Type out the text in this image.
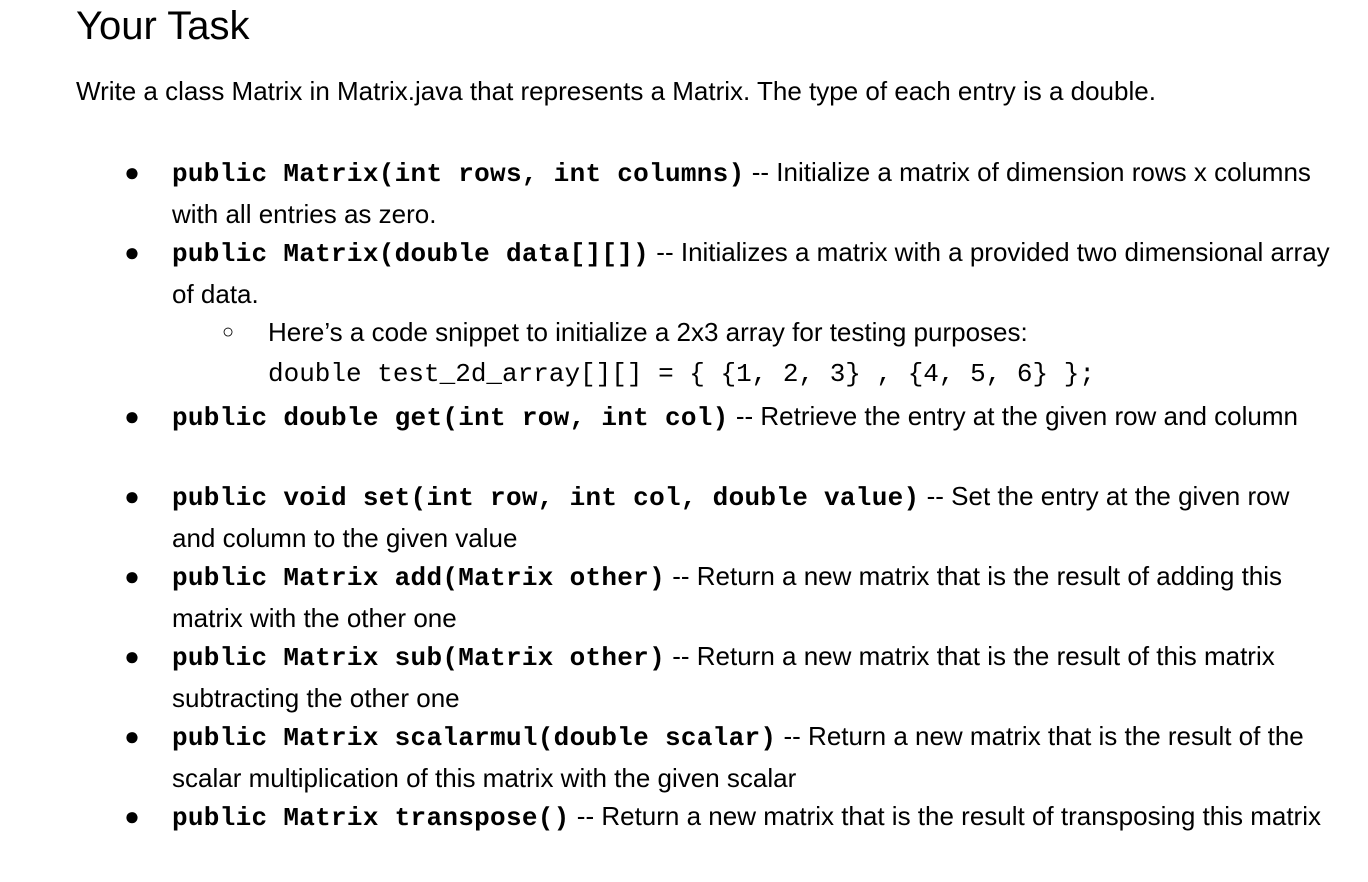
Your Task

Write a class Matrix in Matrix.java that represents a Matrix. The type of each entry is a double.

● public Matrix(int rows, int columns) -- Initialize a matrix of dimension rows x columns with all entries as zero.
● public Matrix(double data[][]) -- Initializes a matrix with a provided two dimensional array of data.
○ Here’s a code snippet to initialize a 2x3 array for testing purposes:
double test_2d_array[][] = { {1, 2, 3} , {4, 5, 6} };
● public double get(int row, int col) -- Retrieve the entry at the given row and column
● public void set(int row, int col, double value) -- Set the entry at the given row and column to the given value
● public Matrix add(Matrix other) -- Return a new matrix that is the result of adding this matrix with the other one
● public Matrix sub(Matrix other) -- Return a new matrix that is the result of this matrix subtracting the other one
● public Matrix scalarmul(double scalar) -- Return a new matrix that is the result of the scalar multiplication of this matrix with the given scalar
● public Matrix transpose() -- Return a new matrix that is the result of transposing this matrix
